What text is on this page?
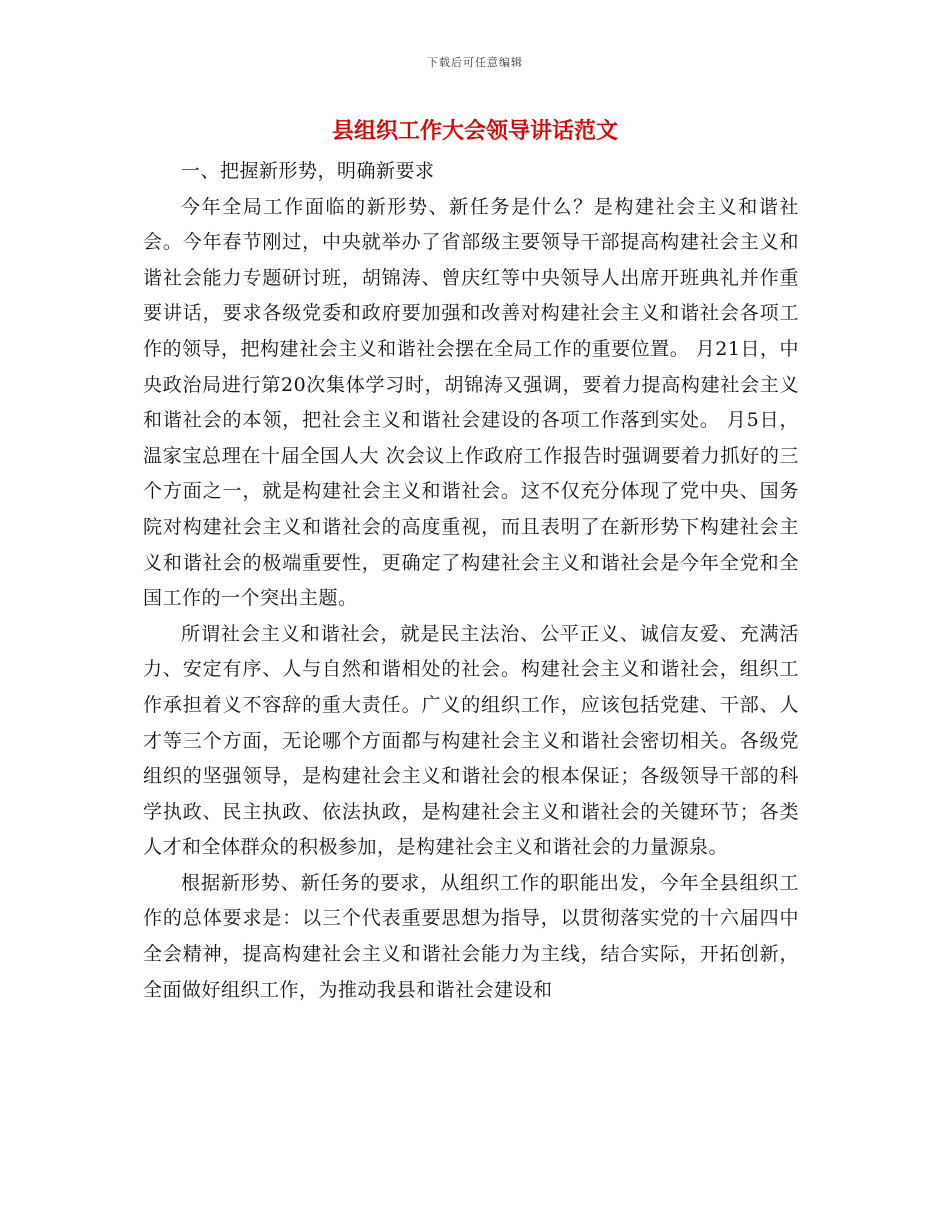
下载后可任意编辑
县组织工作大会领导讲话范文

一、把握新形势，明确新要求

今年全局工作面临的新形势、新任务是什么？是构建社会主义和谐社会。今年春节刚过，中央就举办了省部级主要领导干部提高构建社会主义和谐社会能力专题研讨班，胡锦涛、曾庆红等中央领导人出席开班典礼并作重要讲话，要求各级党委和政府要加强和改善对构建社会主义和谐社会各项工作的领导，把构建社会主义和谐社会摆在全局工作的重要位置。 月21日，中央政治局进行第20次集体学习时，胡锦涛又强调，要着力提高构建社会主义和谐社会的本领，把社会主义和谐社会建设的各项工作落到实处。 月5日，温家宝总理在十届全国人大 次会议上作政府工作报告时强调要着力抓好的三个方面之一，就是构建社会主义和谐社会。这不仅充分体现了党中央、国务院对构建社会主义和谐社会的高度重视，而且表明了在新形势下构建社会主义和谐社会的极端重要性，更确定了构建社会主义和谐社会是今年全党和全国工作的一个突出主题。

所谓社会主义和谐社会，就是民主法治、公平正义、诚信友爱、充满活力、安定有序、人与自然和谐相处的社会。构建社会主义和谐社会，组织工作承担着义不容辞的重大责任。广义的组织工作，应该包括党建、干部、人才等三个方面，无论哪个方面都与构建社会主义和谐社会密切相关。各级党组织的坚强领导，是构建社会主义和谐社会的根本保证；各级领导干部的科学执政、民主执政、依法执政，是构建社会主义和谐社会的关键环节；各类人才和全体群众的积极参加，是构建社会主义和谐社会的力量源泉。

根据新形势、新任务的要求，从组织工作的职能出发，今年全县组织工作的总体要求是：以三个代表重要思想为指导，以贯彻落实党的十六届四中全会精神，提高构建社会主义和谐社会能力为主线，结合实际，开拓创新，全面做好组织工作，为推动我县和谐社会建设和
